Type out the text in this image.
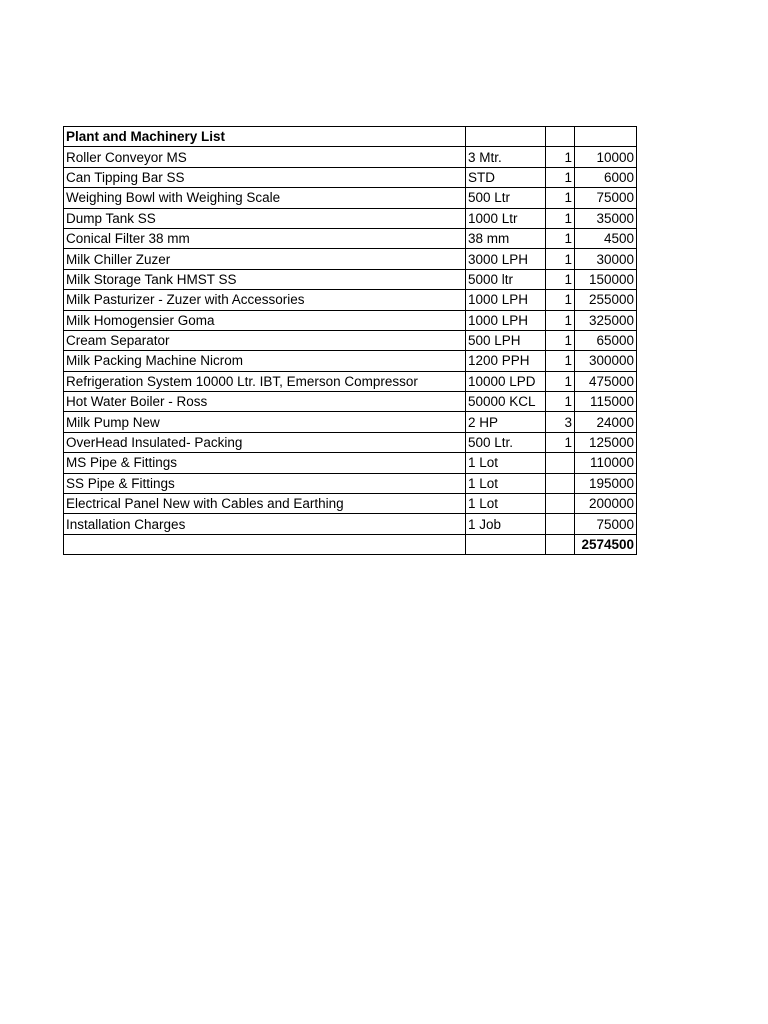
Plant and Machinery List			
Roller Conveyor MS	3 Mtr.	1	10000
Can Tipping Bar SS	STD	1	6000
Weighing Bowl with Weighing Scale	500 Ltr	1	75000
Dump Tank SS	1000 Ltr	1	35000
Conical Filter 38 mm	38 mm	1	4500
Milk Chiller Zuzer	3000 LPH	1	30000
Milk Storage Tank HMST SS	5000 ltr	1	150000
Milk Pasturizer - Zuzer with Accessories	1000 LPH	1	255000
Milk Homogensier Goma	1000 LPH	1	325000
Cream Separator	500 LPH	1	65000
Milk Packing Machine Nicrom	1200 PPH	1	300000
Refrigeration System 10000 Ltr. IBT, Emerson Compressor	10000 LPD	1	475000
Hot Water Boiler - Ross	50000 KCL	1	115000
Milk Pump New	2 HP	3	24000
OverHead Insulated- Packing	500 Ltr.	1	125000
MS Pipe & Fittings	1 Lot		110000
SS Pipe & Fittings	1 Lot		195000
Electrical Panel New with Cables and Earthing	1 Lot		200000
Installation Charges	1 Job		75000
			2574500
